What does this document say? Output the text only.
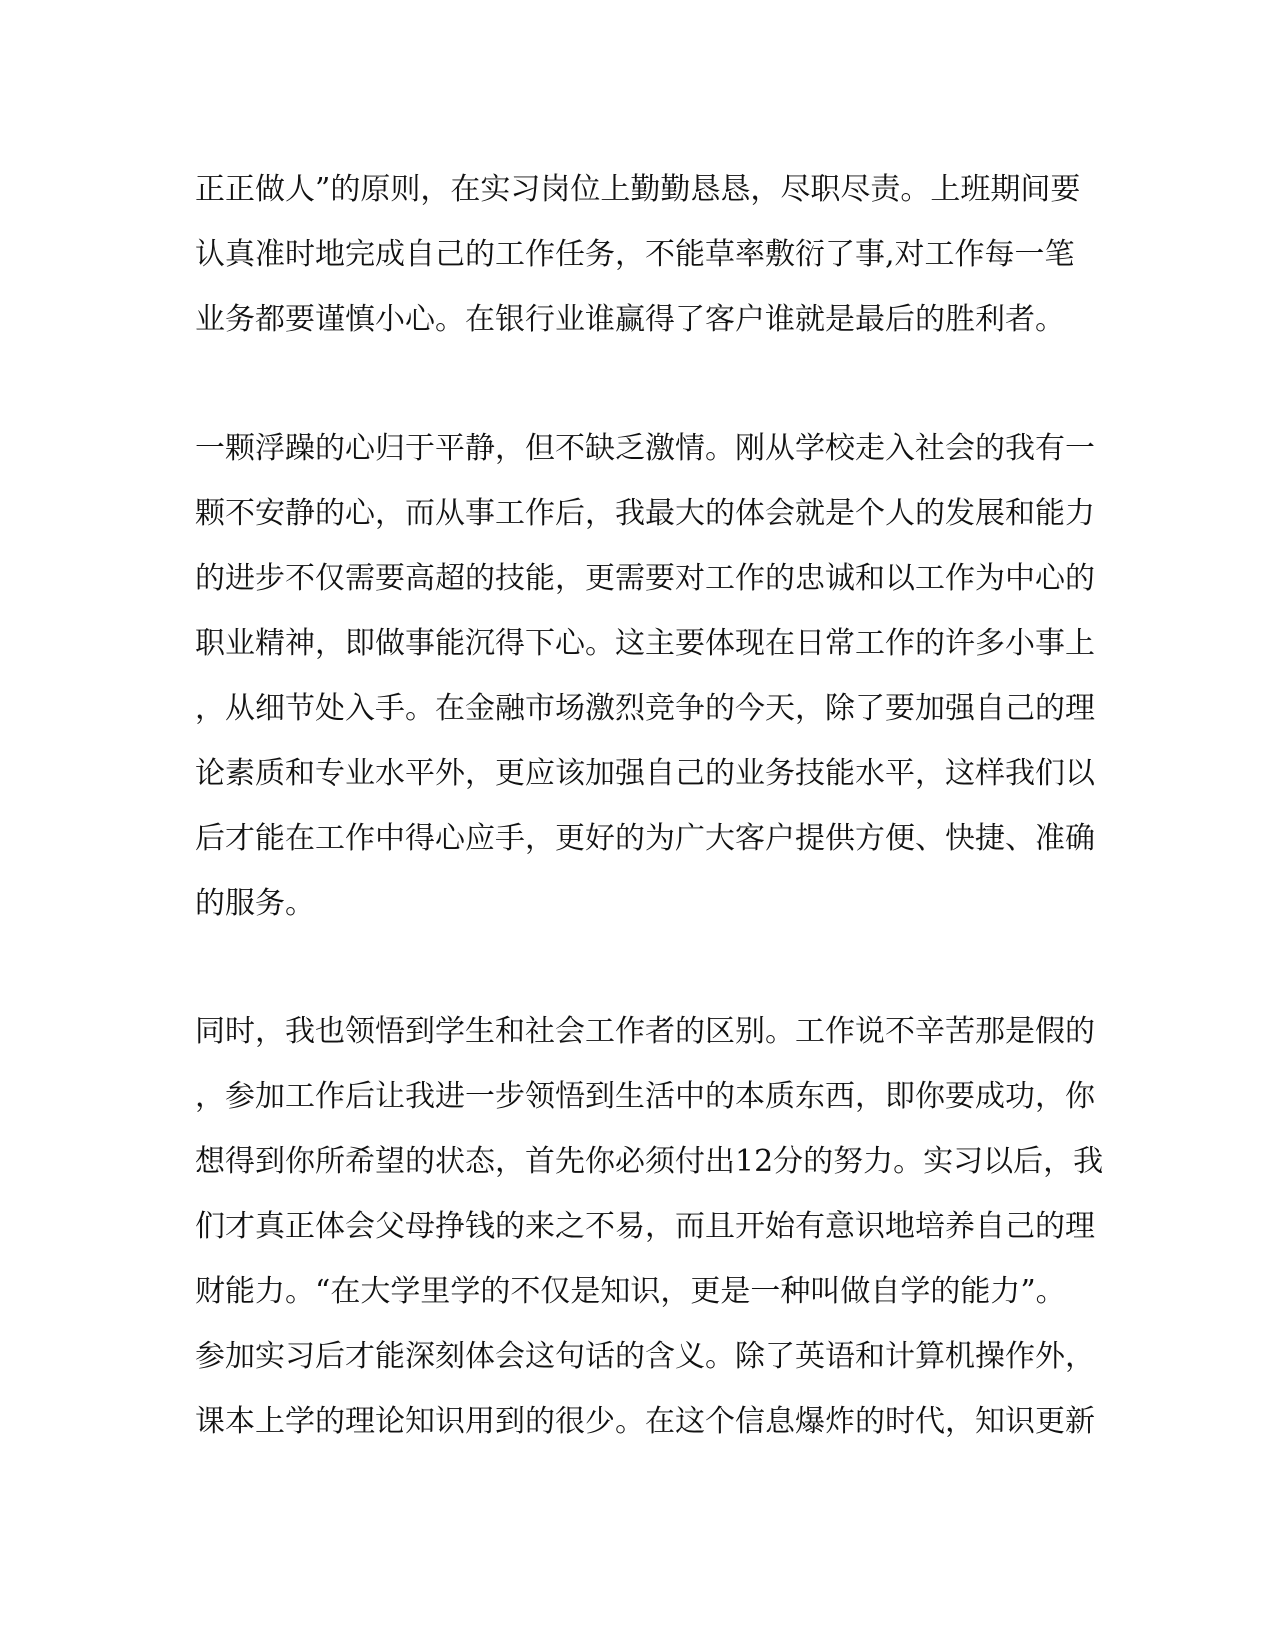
正正做人”的原则，在实习岗位上勤勤恳恳，尽职尽责。上班期间要
认真准时地完成自己的工作任务，不能草率敷衍了事,对工作每一笔
业务都要谨慎小心。在银行业谁赢得了客户谁就是最后的胜利者。
一颗浮躁的心归于平静，但不缺乏激情。刚从学校走入社会的我有一
颗不安静的心，而从事工作后，我最大的体会就是个人的发展和能力
的进步不仅需要高超的技能，更需要对工作的忠诚和以工作为中心的
职业精神，即做事能沉得下心。这主要体现在日常工作的许多小事上
，从细节处入手。在金融市场激烈竞争的今天，除了要加强自己的理
论素质和专业水平外，更应该加强自己的业务技能水平，这样我们以
后才能在工作中得心应手，更好的为广大客户提供方便、快捷、准确
的服务。
同时，我也领悟到学生和社会工作者的区别。工作说不辛苦那是假的
，参加工作后让我进一步领悟到生活中的本质东西，即你要成功，你
想得到你所希望的状态，首先你必须付出12分的努力。实习以后，我
们才真正体会父母挣钱的来之不易，而且开始有意识地培养自己的理
财能力。“在大学里学的不仅是知识，更是一种叫做自学的能力”。
参加实习后才能深刻体会这句话的含义。除了英语和计算机操作外，
课本上学的理论知识用到的很少。在这个信息爆炸的时代，知识更新
